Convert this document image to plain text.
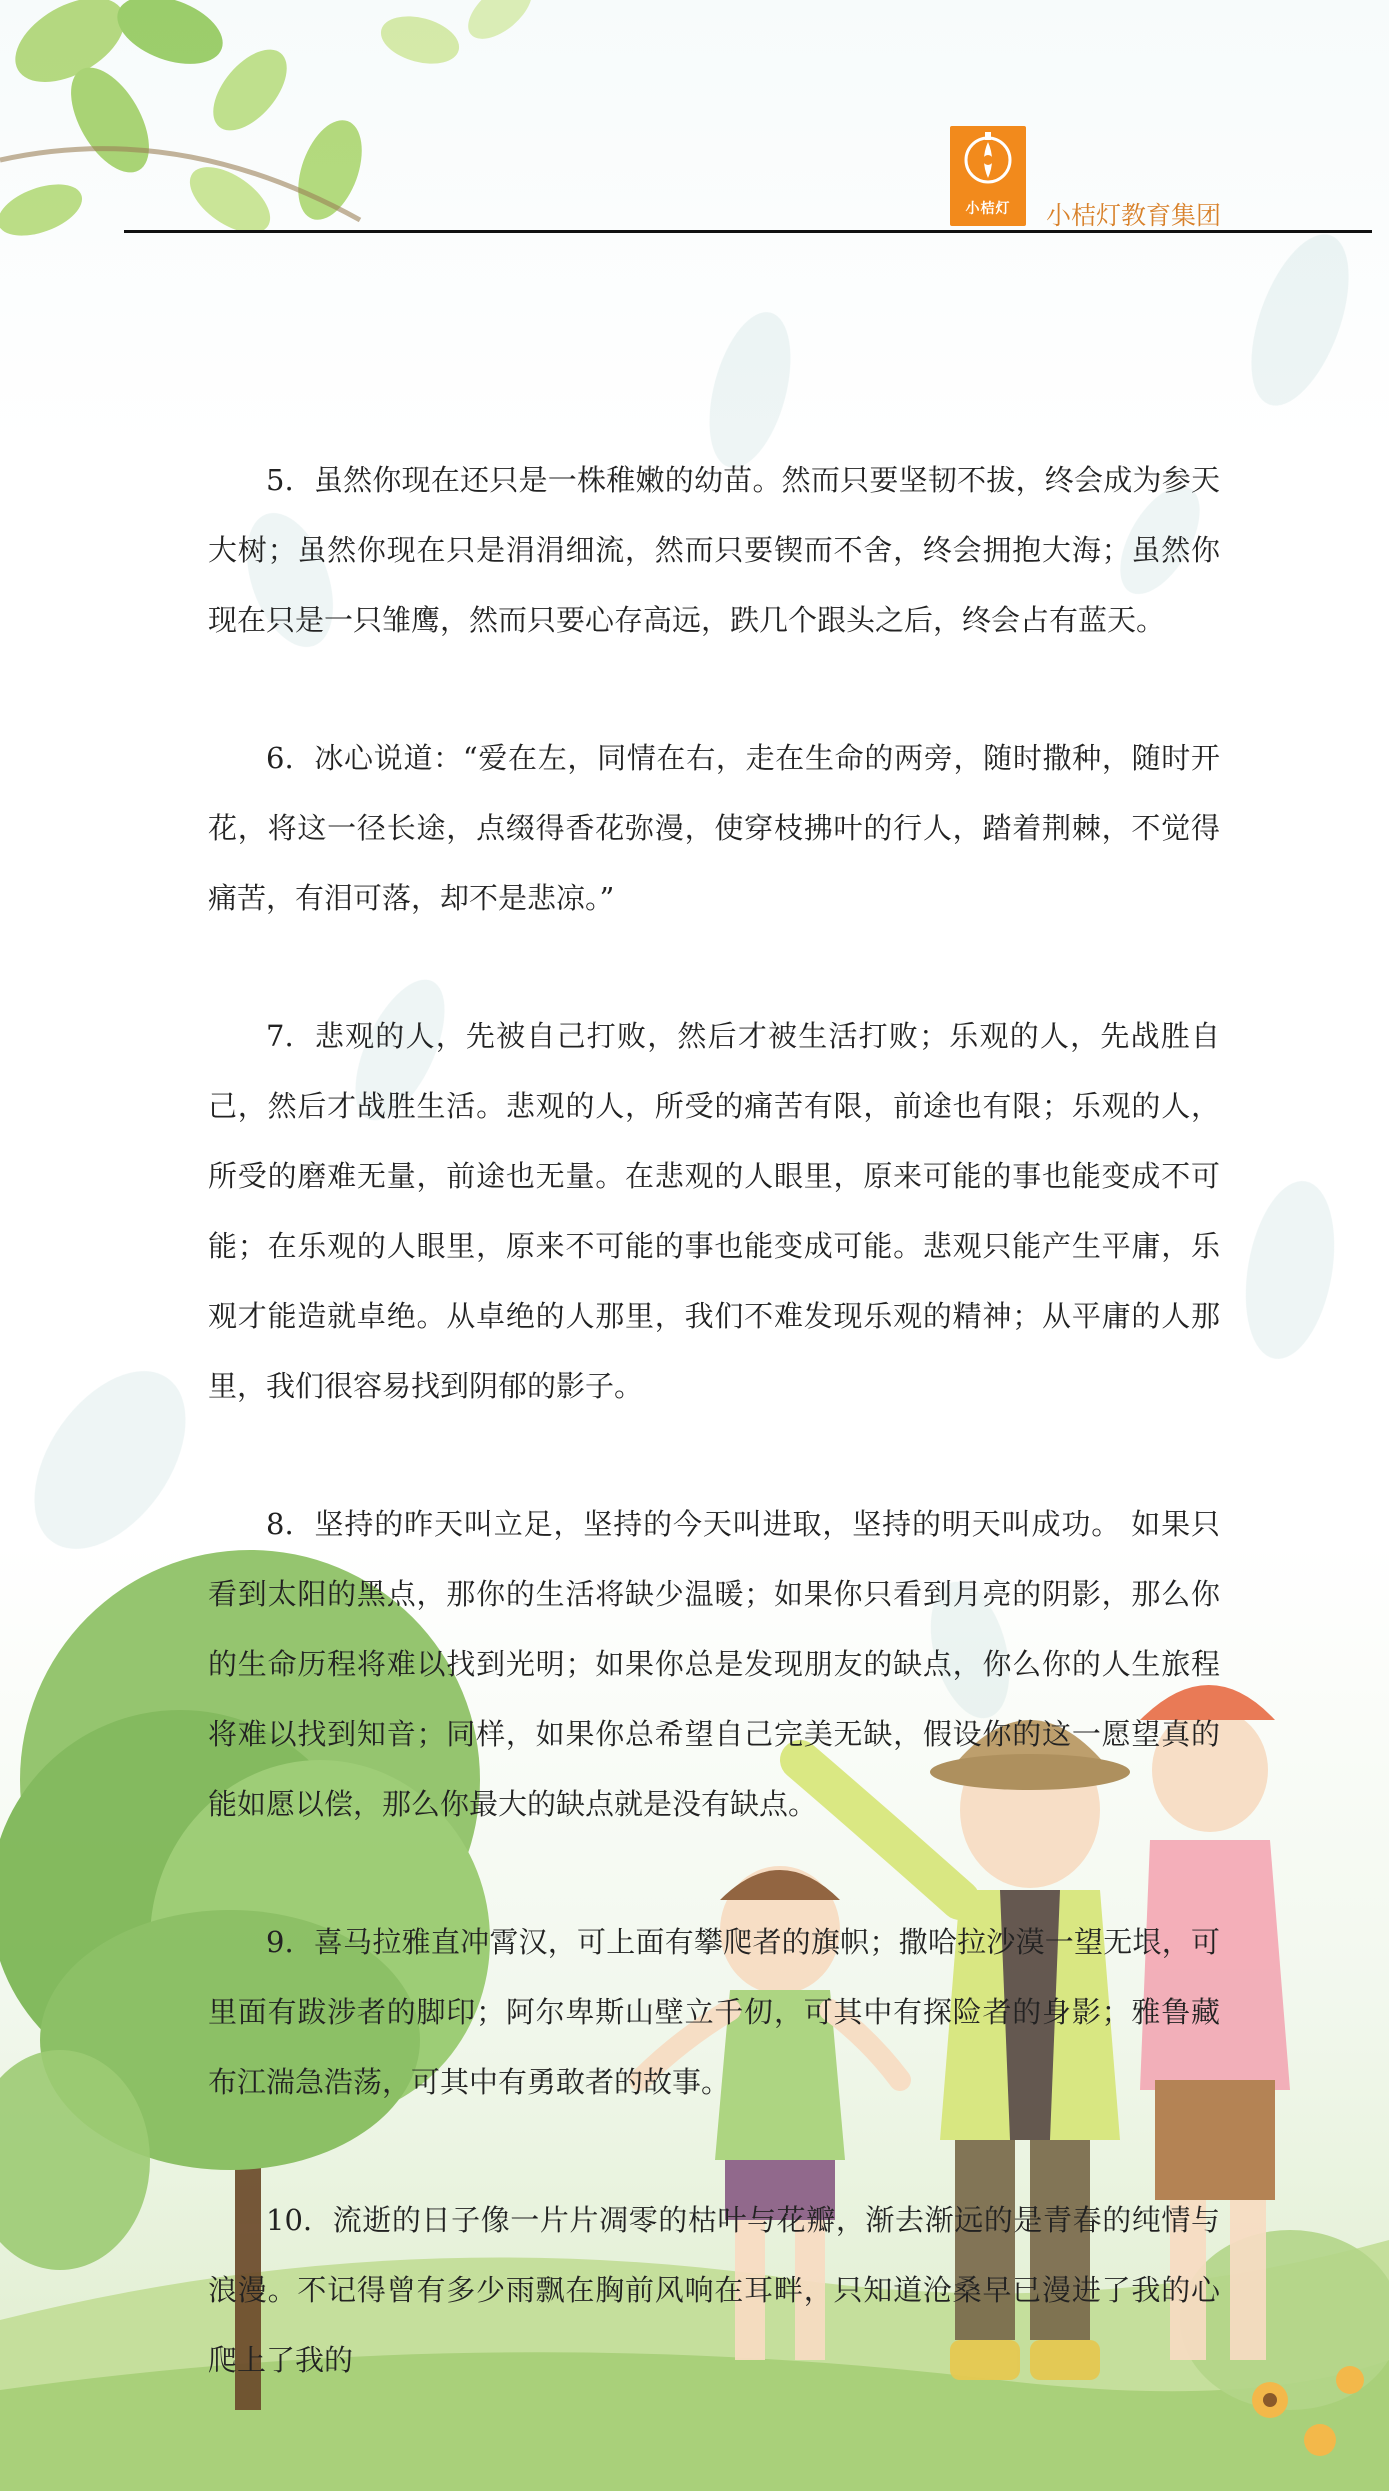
小桔灯	小桔灯教育集团

5. 虽然你现在还只是一株稚嫩的幼苗。然而只要坚韧不拔，终会成为参天大树；虽然你现在只是涓涓细流，然而只要锲而不舍，终会拥抱大海；虽然你现在只是一只雏鹰，然而只要心存高远，跌几个跟头之后，终会占有蓝天。

6. 冰心说道：“爱在左，同情在右，走在生命的两旁，随时撒种，随时开花，将这一径长途，点缀得香花弥漫，使穿枝拂叶的行人，踏着荆棘，不觉得痛苦，有泪可落，却不是悲凉。”

7. 悲观的人，先被自己打败，然后才被生活打败；乐观的人，先战胜自己，然后才战胜生活。悲观的人，所受的痛苦有限，前途也有限；乐观的人，所受的磨难无量，前途也无量。在悲观的人眼里，原来可能的事也能变成不可能；在乐观的人眼里，原来不可能的事也能变成可能。悲观只能产生平庸，乐观才能造就卓绝。从卓绝的人那里，我们不难发现乐观的精神；从平庸的人那里，我们很容易找到阴郁的影子。

8. 坚持的昨天叫立足，坚持的今天叫进取，坚持的明天叫成功。 如果只看到太阳的黑点，那你的生活将缺少温暖；如果你只看到月亮的阴影，那么你的生命历程将难以找到光明；如果你总是发现朋友的缺点，你么你的人生旅程将难以找到知音；同样，如果你总希望自己完美无缺，假设你的这一愿望真的能如愿以偿，那么你最大的缺点就是没有缺点。

9. 喜马拉雅直冲霄汉，可上面有攀爬者的旗帜；撒哈拉沙漠一望无垠，可里面有跋涉者的脚印；阿尔卑斯山壁立千仞，可其中有探险者的身影；雅鲁藏布江湍急浩荡，可其中有勇敢者的故事。

10. 流逝的日子像一片片凋零的枯叶与花瓣，渐去渐远的是青春的纯情与浪漫。不记得曾有多少雨飘在胸前风响在耳畔，只知道沧桑早已漫进了我的心爬上了我的
